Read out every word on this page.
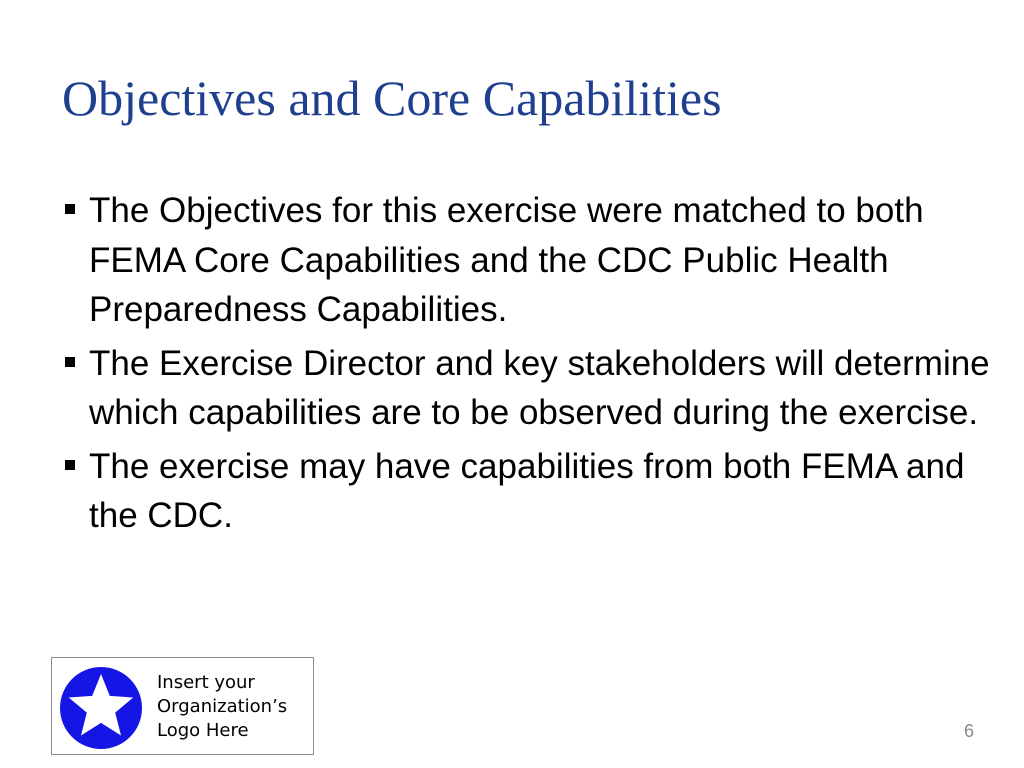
Objectives and Core Capabilities
The Objectives for this exercise were matched to both FEMA Core Capabilities and the CDC Public Health Preparedness Capabilities.
The Exercise Director and key stakeholders will determine which capabilities are to be observed during the exercise.
The exercise may have capabilities from both FEMA and the CDC.
Insert your
Organization’s
Logo Here	6
